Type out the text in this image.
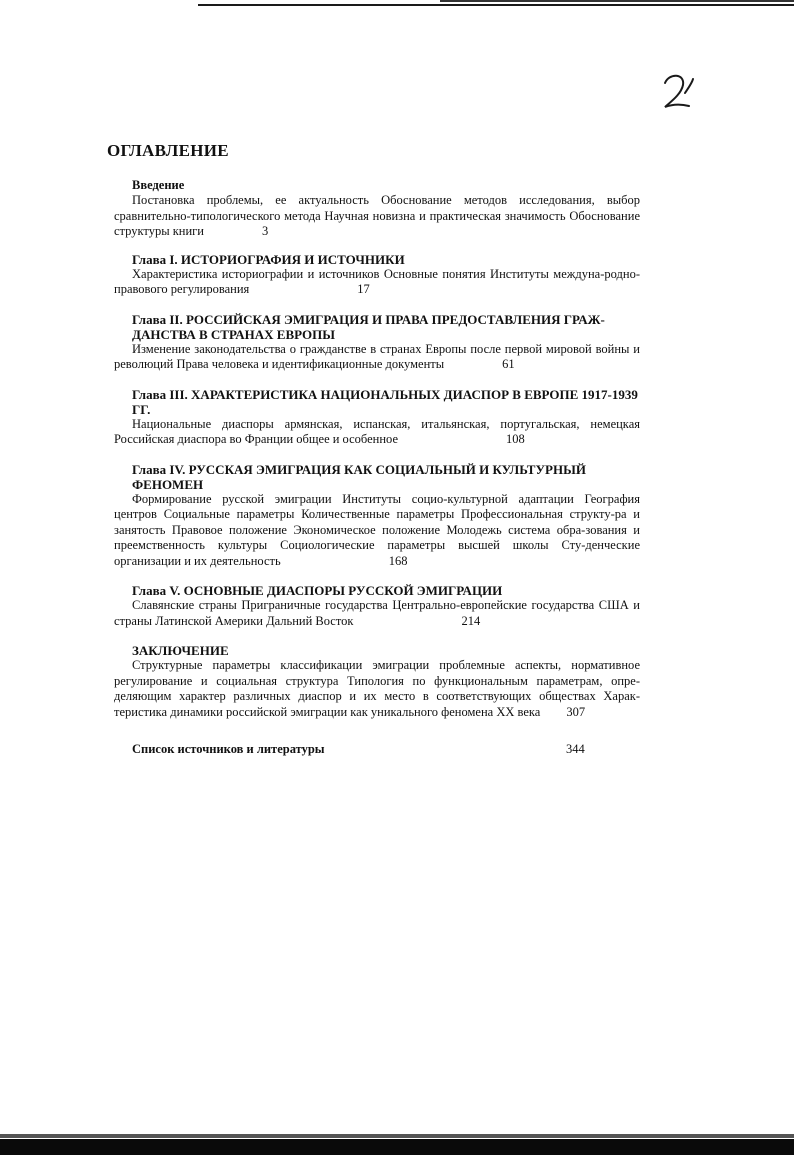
ОГЛАВЛЕНИЕ

Введение

Постановка проблемы, ее актуальность Обоснование методов исследования, выбор сравнительно-типологического метода Научная новизна и практическая значимость Обоснование структуры книги	3

Глава I. ИСТОРИОГРАФИЯ И ИСТОЧНИКИ

Характеристика историографии и источников Основные понятия Институты междуна-родно-правового регулирования	17

Глава II. РОССИЙСКАЯ ЭМИГРАЦИЯ И ПРАВА ПРЕДОСТАВЛЕНИЯ ГРАЖ-ДАНСТВА В СТРАНАХ ЕВРОПЫ

Изменение законодательства о гражданстве в странах Европы после первой мировой войны и революций Права человека и идентификационные документы	61

Глава III. ХАРАКТЕРИСТИКА НАЦИОНАЛЬНЫХ ДИАСПОР В ЕВРОПЕ 1917-1939 ГГ.

Национальные диаспоры армянская, испанская, итальянская, португальская, немецкая Российская диаспора во Франции общее и особенное	108

Глава IV. РУССКАЯ ЭМИГРАЦИЯ КАК СОЦИАЛЬНЫЙ И КУЛЬТУРНЫЙ ФЕНОМЕН

Формирование русской эмиграции Институты социо-культурной адаптации География центров Социальные параметры Количественные параметры Профессиональная структу-ра и занятость Правовое положение Экономическое положение Молодежь система обра-зования и преемственность культуры Социологические параметры высшей школы Сту-денческие организации и их деятельность	168

Глава V. ОСНОВНЫЕ ДИАСПОРЫ РУССКОЙ ЭМИГРАЦИИ

Славянские страны Приграничные государства Центрально-европейские государства США и страны Латинской Америки Дальний Восток	214

ЗАКЛЮЧЕНИЕ

Структурные параметры классификации эмиграции проблемные аспекты, нормативное регулирование и социальная структура Типология по функциональным параметрам, опре-деляющим характер различных диаспор и их место в соответствующих обществах Харак-теристика динамики российской эмиграции как уникального феномена XX века 307

Список источников и литературы	344
